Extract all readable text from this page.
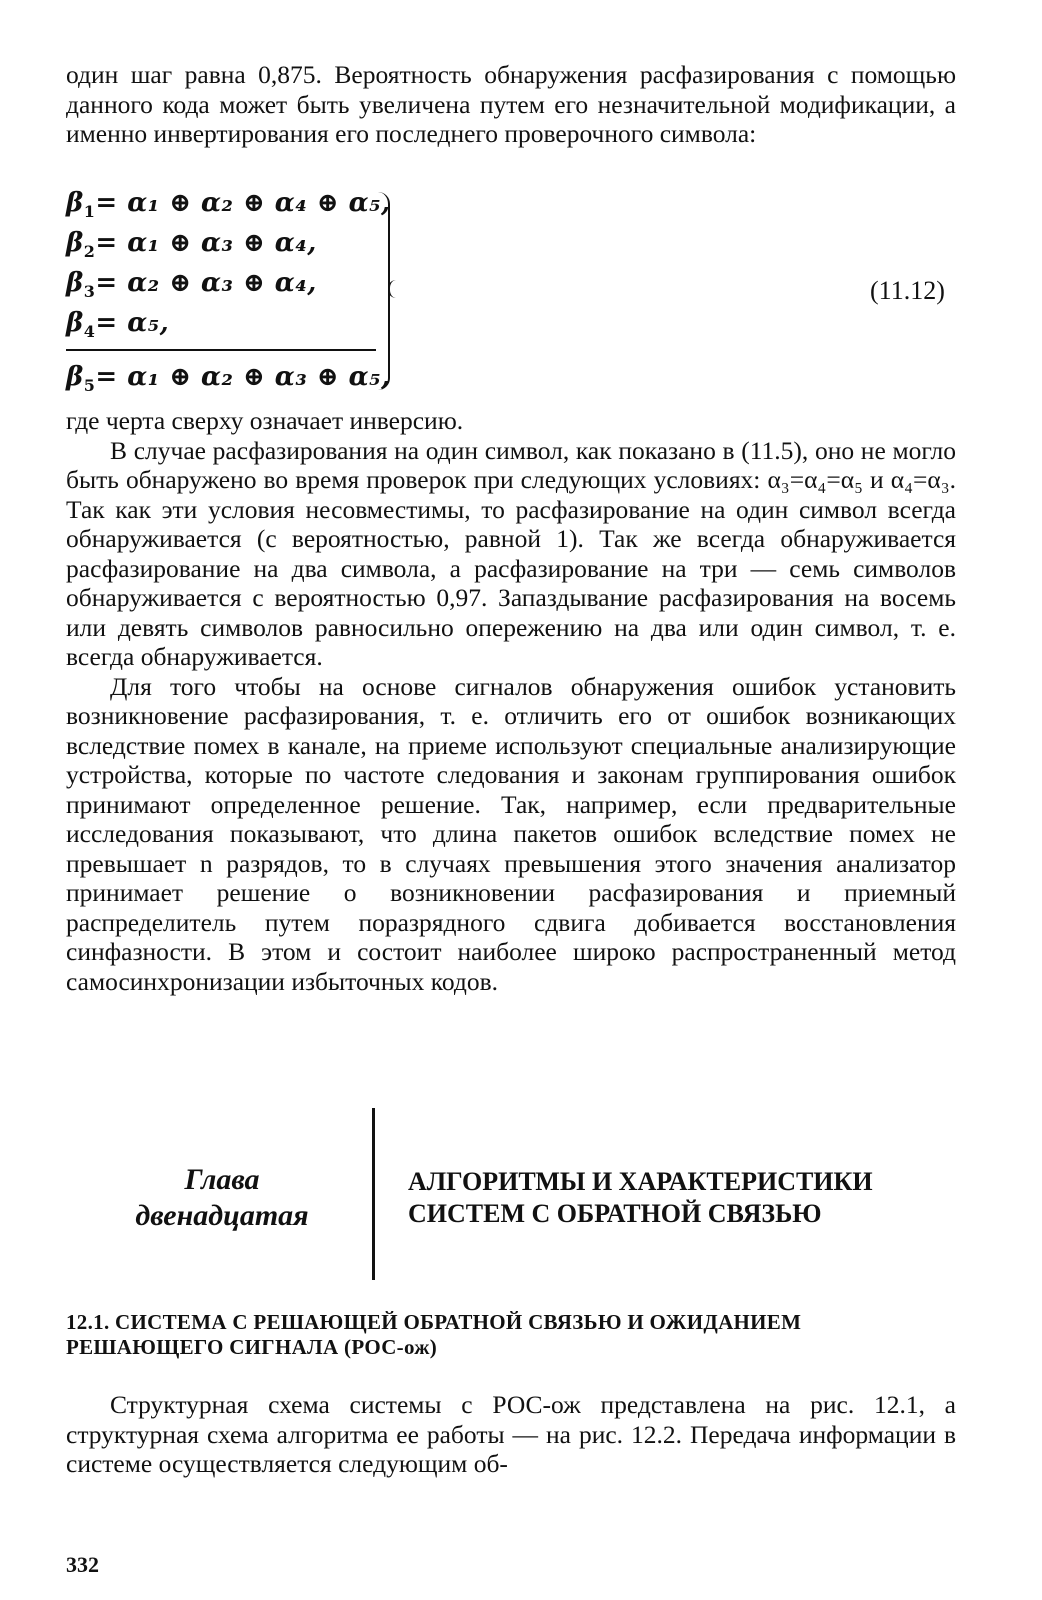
один шаг равна 0,875. Вероятность обнаружения расфазирования с помощью данного кода может быть увеличена путем его незначительной модификации, а именно инвертирования его последнего проверочного символа:

$\beta_1= \alpha_1$ ⊕ α₂ ⊕ α₄ ⊕ α₅,
$\beta_2= \alpha_1$ ⊕ α₃ ⊕ α₄,
$\beta_3= \alpha_2$ ⊕ α₃ ⊕ α₄,
$\beta_4= \alpha_5$,
$\beta_5= \alpha_1$ ⊕ α₂ ⊕ α₃ ⊕ α₅,
(11.12)

где черта сверху означает инверсию.

В случае расфазирования на один символ, как показано в (11.5), оно не могло быть обнаружено во время проверок при следующих условиях: α₃=α₄=α₅ и α₄=α₃. Так как эти условия несовместимы, то расфазирование на один символ всегда обнаруживается (с вероятностью, равной 1). Так же всегда обнаруживается расфазирование на два символа, а расфазирование на три — семь символов обнаруживается с вероятностью 0,97. Запаздывание расфазирования на восемь или девять символов равносильно опережению на два или один символ, т. е. всегда обнаруживается.

Для того чтобы на основе сигналов обнаружения ошибок установить возникновение расфазирования, т. е. отличить его от ошибок возникающих вследствие помех в канале, на приеме используют специальные анализирующие устройства, которые по частоте следования и законам группирования ошибок принимают определенное решение. Так, например, если предварительные исследования показывают, что длина пакетов ошибок вследствие помех не превышает n разрядов, то в случаях превышения этого значения анализатор принимает решение о возникновении расфазирования и приемный распределитель путем поразрядного сдвига добивается восстановления синфазности. В этом и состоит наиболее широко распространенный метод самосинхронизации избыточных кодов.

Глава
двенадцатая
АЛГОРИТМЫ И ХАРАКТЕРИСТИКИ
СИСТЕМ С ОБРАТНОЙ СВЯЗЬЮ
12.1. СИСТЕМА С РЕШАЮЩЕЙ ОБРАТНОЙ СВЯЗЬЮ И ОЖИДАНИЕМ РЕШАЮЩЕГО СИГНАЛА (РОС-ож)

Структурная схема системы с РОС-ож представлена на рис. 12.1, а структурная схема алгоритма ее работы — на рис. 12.2. Передача информации в системе осуществляется следующим об-

332
